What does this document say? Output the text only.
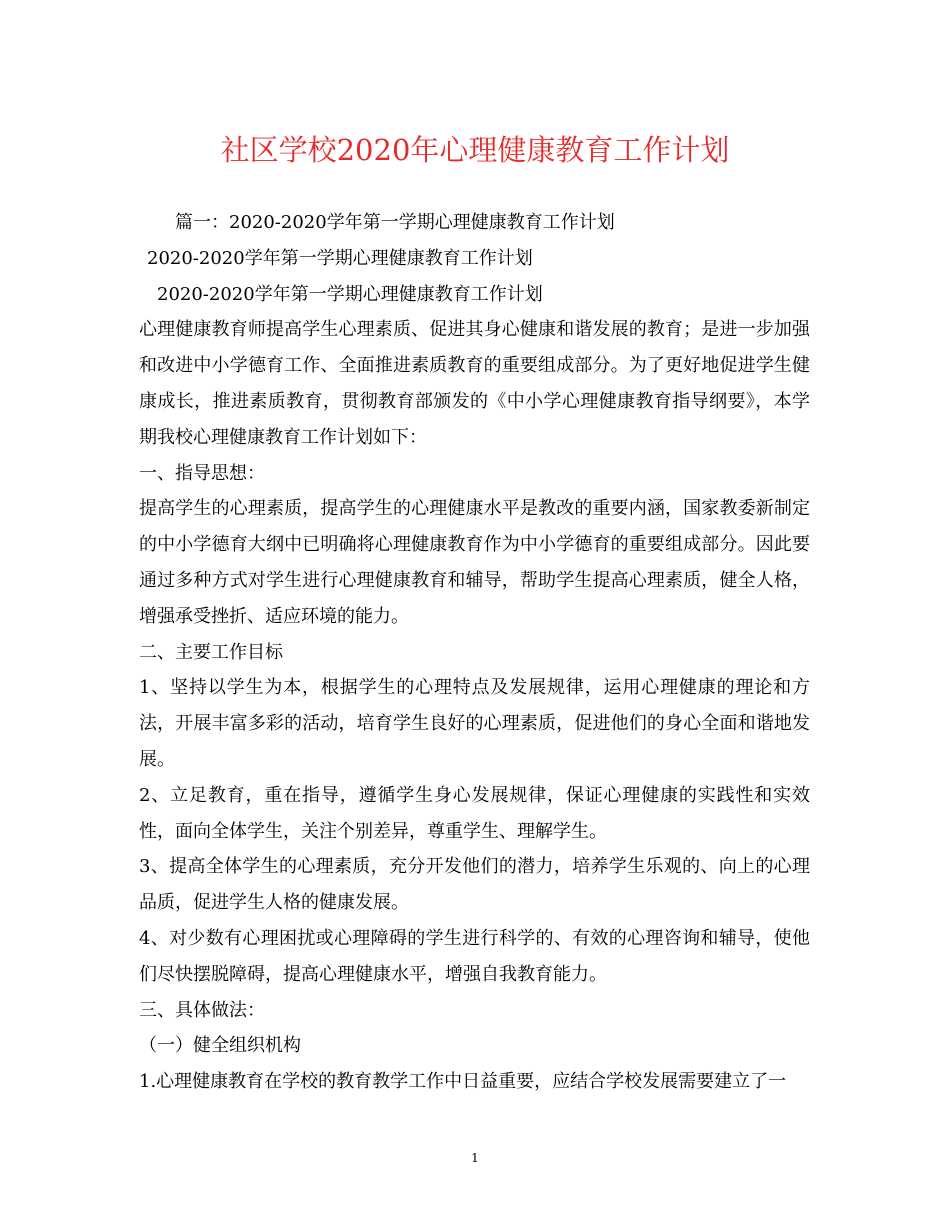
社区学校2020年心理健康教育工作计划

篇一：2020-2020学年第一学期心理健康教育工作计划

2020-2020学年第一学期心理健康教育工作计划

2020-2020学年第一学期心理健康教育工作计划

心理健康教育师提高学生心理素质、促进其身心健康和谐发展的教育；是进一步加强和改进中小学德育工作、全面推进素质教育的重要组成部分。为了更好地促进学生健康成长，推进素质教育，贯彻教育部颁发的《中小学心理健康教育指导纲要》，本学期我校心理健康教育工作计划如下：

一、指导思想：

提高学生的心理素质，提高学生的心理健康水平是教改的重要内涵，国家教委新制定的中小学德育大纲中已明确将心理健康教育作为中小学德育的重要组成部分。因此要通过多种方式对学生进行心理健康教育和辅导，帮助学生提高心理素质，健全人格，增强承受挫折、适应环境的能力。

二、主要工作目标

1、坚持以学生为本，根据学生的心理特点及发展规律，运用心理健康的理论和方法，开展丰富多彩的活动，培育学生良好的心理素质，促进他们的身心全面和谐地发展。

2、立足教育，重在指导，遵循学生身心发展规律，保证心理健康的实践性和实效性，面向全体学生，关注个别差异，尊重学生、理解学生。

3、提高全体学生的心理素质，充分开发他们的潜力，培养学生乐观的、向上的心理品质，促进学生人格的健康发展。

4、对少数有心理困扰或心理障碍的学生进行科学的、有效的心理咨询和辅导，使他们尽快摆脱障碍，提高心理健康水平，增强自我教育能力。

三、具体做法：

（一）健全组织机构

1.心理健康教育在学校的教育教学工作中日益重要，应结合学校发展需要建立了一

1
